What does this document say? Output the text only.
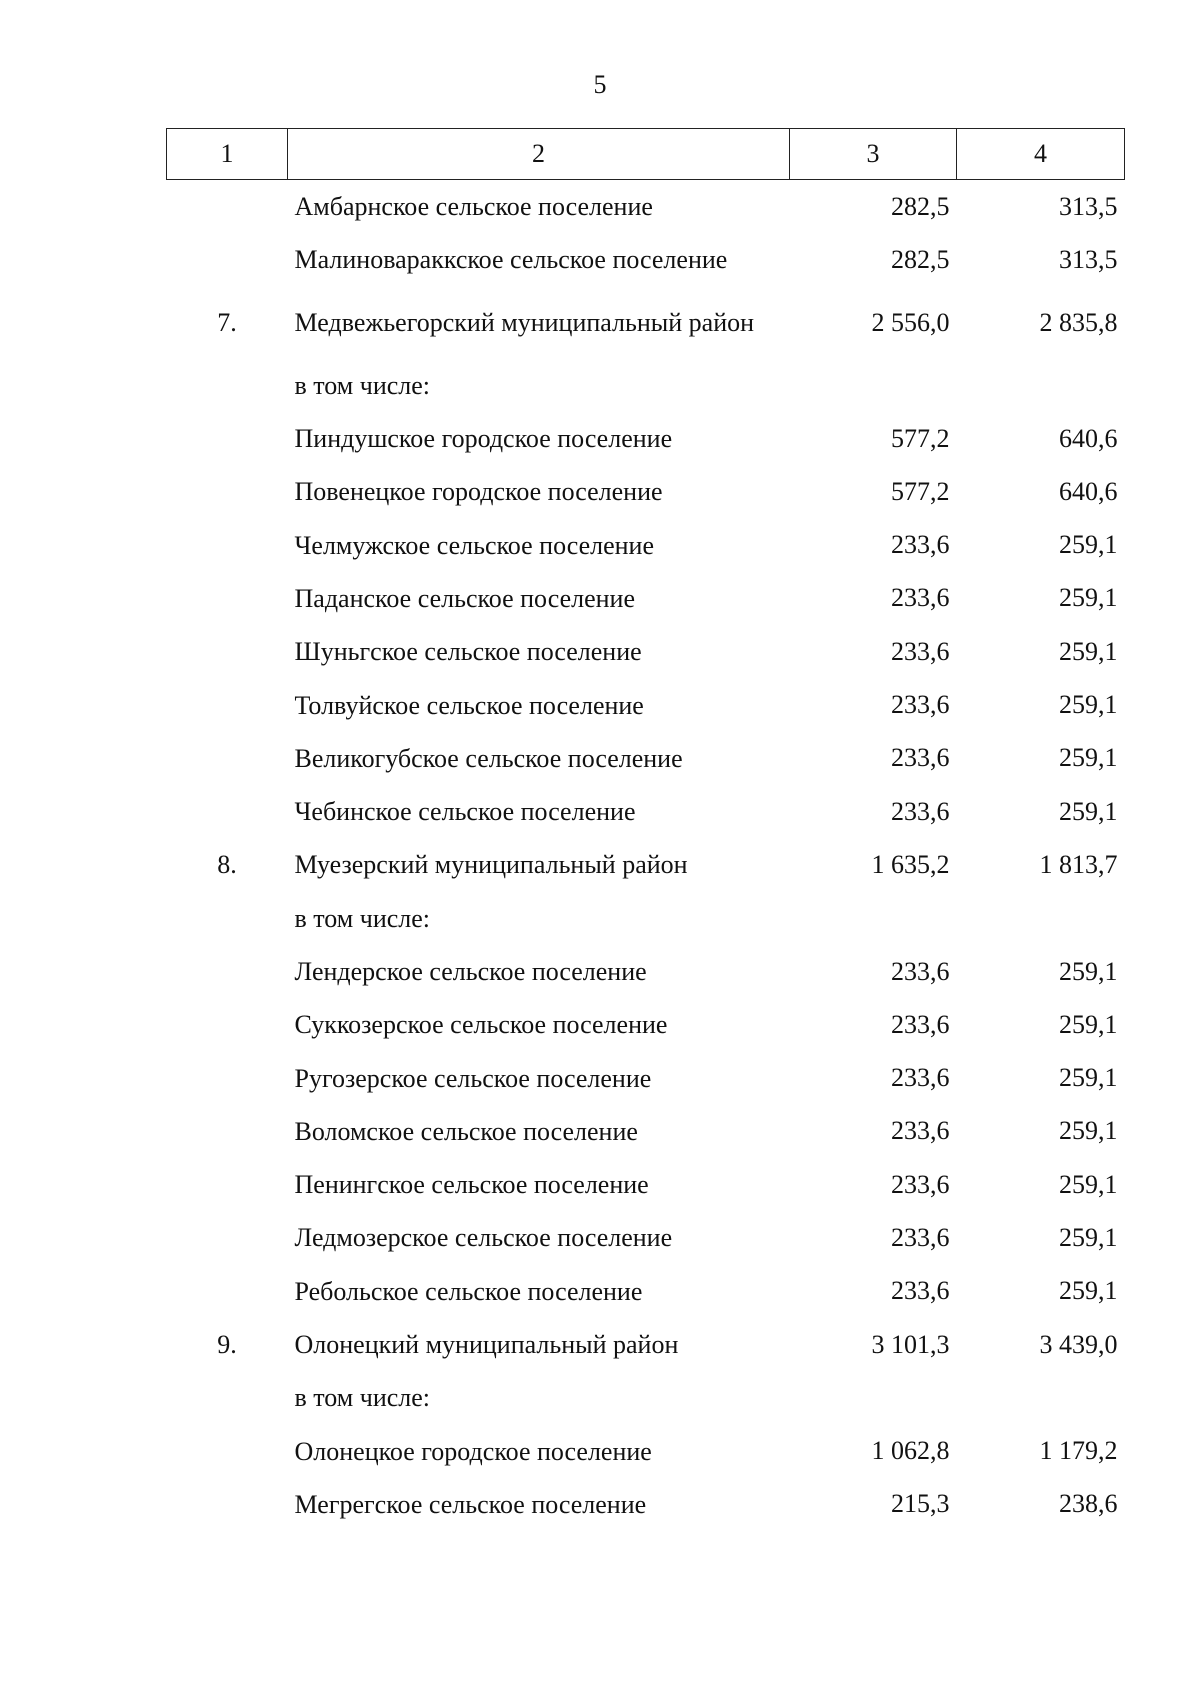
5
1	2	3	4
	Амбарнское сельское поселение	282,5	313,5
	Малиновараккское сельское поселение	282,5	313,5
7.	Медвежьегорский муниципальный район	2 556,0	2 835,8
	в том числе:		
	Пиндушское городское поселение	577,2	640,6
	Повенецкое городское поселение	577,2	640,6
	Челмужское сельское поселение	233,6	259,1
	Паданское сельское поселение	233,6	259,1
	Шуньгское сельское поселение	233,6	259,1
	Толвуйское сельское поселение	233,6	259,1
	Великогубское сельское поселение	233,6	259,1
	Чебинское сельское поселение	233,6	259,1
8.	Муезерский муниципальный район	1 635,2	1 813,7
	в том числе:		
	Лендерское сельское поселение	233,6	259,1
	Суккозерское сельское поселение	233,6	259,1
	Ругозерское сельское поселение	233,6	259,1
	Воломское сельское поселение	233,6	259,1
	Пенингское сельское поселение	233,6	259,1
	Ледмозерское сельское поселение	233,6	259,1
	Ребольское сельское поселение	233,6	259,1
9.	Олонецкий муниципальный район	3 101,3	3 439,0
	в том числе:		
	Олонецкое городское поселение	1 062,8	1 179,2
	Мегрегское сельское поселение	215,3	238,6
